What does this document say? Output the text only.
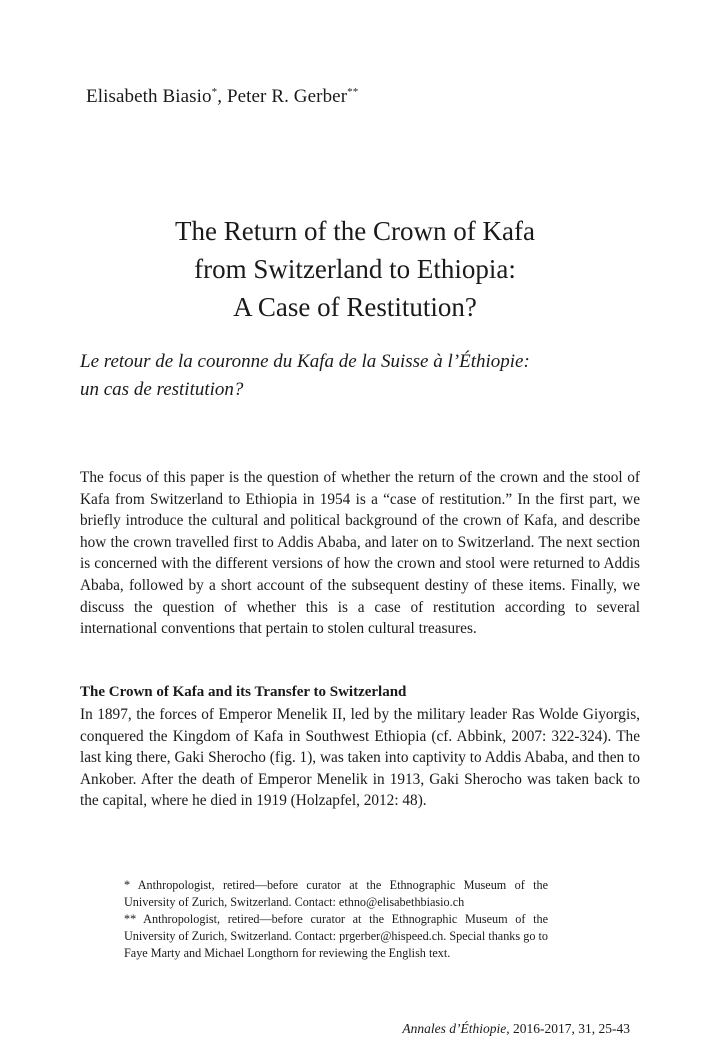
Elisabeth Biasio*, Peter R. Gerber**
The Return of the Crown of Kafa
from Switzerland to Ethiopia:
A Case of Restitution?
Le retour de la couronne du Kafa de la Suisse à l’Éthiopie:
un cas de restitution?
The focus of this paper is the question of whether the return of the crown and the stool of Kafa from Switzerland to Ethiopia in 1954 is a “case of restitution.” In the first part, we briefly introduce the cultural and political background of the crown of Kafa, and describe how the crown travelled first to Addis Ababa, and later on to Switzerland. The next section is concerned with the different versions of how the crown and stool were returned to Addis Ababa, followed by a short account of the subsequent destiny of these items. Finally, we discuss the question of whether this is a case of restitution according to several international conventions that pertain to stolen cultural treasures.
The Crown of Kafa and its Transfer to Switzerland
In 1897, the forces of Emperor Menelik II, led by the military leader Ras Wolde Giyorgis, conquered the Kingdom of Kafa in Southwest Ethiopia (cf. Abbink, 2007: 322-324). The last king there, Gaki Sherocho (fig. 1), was taken into captivity to Addis Ababa, and then to Ankober. After the death of Emperor Menelik in 1913, Gaki Sherocho was taken back to the capital, where he died in 1919 (Holzapfel, 2012: 48).

* Anthropologist, retired—before curator at the Ethnographic Museum of the University of Zurich, Switzerland. Contact: ethno@elisabethbiasio.ch

** Anthropologist, retired—before curator at the Ethnographic Museum of the University of Zurich, Switzerland. Contact: prgerber@hispeed.ch. Special thanks go to Faye Marty and Michael Longthorn for reviewing the English text.

Annales d’Éthiopie, 2016-2017, 31, 25-43
